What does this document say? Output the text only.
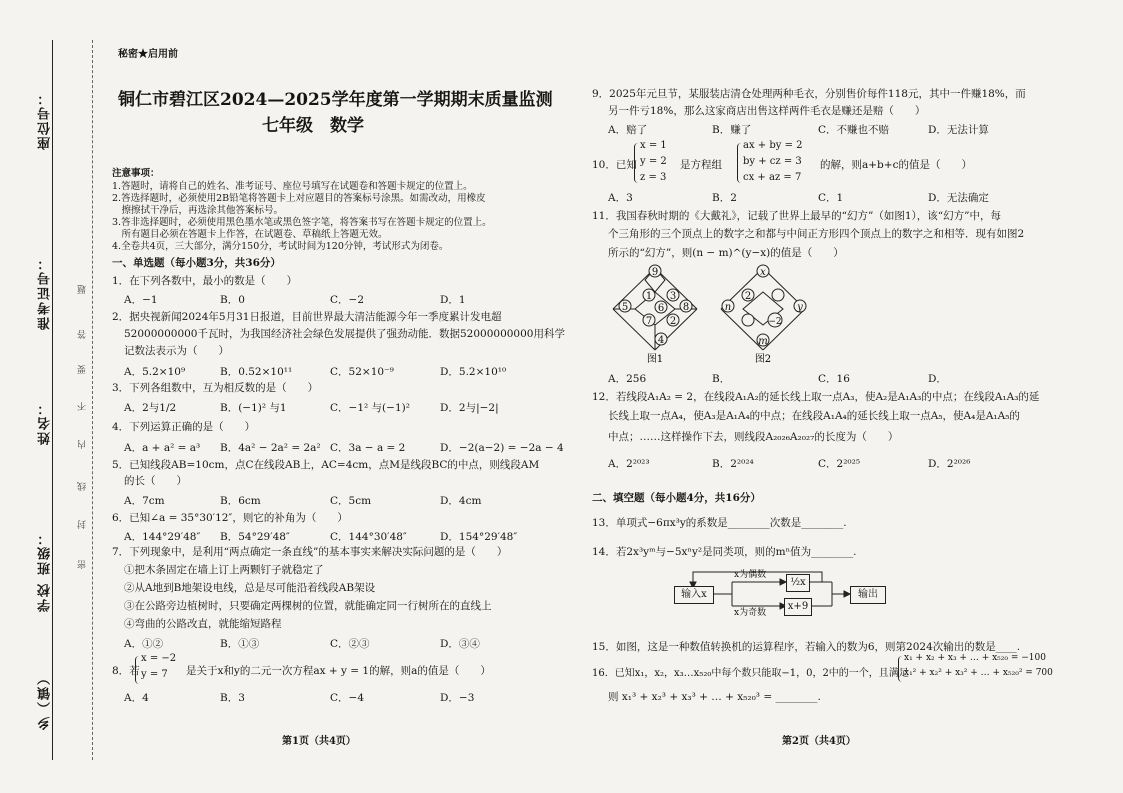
座位号：
准考证号：
姓名：
班级：
学校
乡（镇）
题
答
要
不
内
线
封
密
秘密★启用前
铜仁市碧江区2024—2025学年度第一学期期末质量监测
七年级　数学
注意事项：
1.答题时，请将自己的姓名、准考证号、座位号填写在试题卷和答题卡规定的位置上。
2.答选择题时，必须使用2B铅笔将答题卡上对应题目的答案标号涂黑。如需改动，用橡皮
　擦擦拭干净后，再选涂其他答案标号。
3.答非选择题时，必须使用黑色墨水笔或黑色签字笔，将答案书写在答题卡规定的位置上。
　所有题目必须在答题卡上作答，在试题卷、草稿纸上答题无效。
4.全卷共4页，三大部分，满分150分，考试时间为120分钟，考试形式为闭卷。
一、单选题（每小题3分，共36分）
1．在下列各数中，最小的数是（　　）
A．−1	B．0	C．−2	D．1
2．据央视新闻2024年5月31日报道，目前世界最大清洁能源今年一季度累计发电超
52000000000千瓦时，为我国经济社会绿色发展提供了强劲动能．数据52000000000用科学
记数法表示为（　　）
A．5.2×10⁹	B．0.52×10¹¹	C．52×10⁻⁹	D．5.2×10¹⁰
3．下列各组数中，互为相反数的是（　　）
A．2与1/2	B．(−1)² 与1	C．−1² 与(−1)²	D．2与|−2|
4．下列运算正确的是（　　）
A．a + a² = a³ B．4a² − 2a² = 2a² C．3a − a = 2	D．−2(a−2) = −2a − 4
5．已知线段AB=10cm，点C在线段AB上，AC=4cm，点M是线段BC的中点，则线段AM
的长（　　）
A．7cm	B．6cm	C．5cm	D．4cm
6．已知∠a = 35°30′12″，则它的补角为（　　）
A．144°29′48″ B．54°29′48″	C．144°30′48″	D．154°29′48″
7．下列现象中，是利用“两点确定一条直线”的基本事实来解决实际问题的是（　　）
①把木条固定在墙上订上两颗钉子就稳定了
②从A地到B地架设电线，总是尽可能沿着线段AB架设
③在公路旁边植树时，只要确定两棵树的位置，就能确定同一行树所在的直线上
④弯曲的公路改直，就能缩短路程
A．①②	B．①③	C．②③	D．③④
8．若
x = −2
y = 7 是关于x和y的二元一次方程ax + y = 1的解，则a的值是（　　）
A．4	B．3	C．−4	D．−3
第1页（共4页）
9．2025年元旦节，某服装店清仓处理两种毛衣，分别售价每件118元，其中一件赚18%，而
另一件亏18%，那么这家商店出售这样两件毛衣是赚还是赔（　　）
A．赔了	B．赚了	C．不赚也不赔	D．无法计算
10．已知
x = 1
y = 2
z = 3
是方程组
ax + by = 2
by + cz = 3
cx + az = 7
的解，则a+b+c的值是（　　）
A．3	B．2	C．1	D．无法确定
11．我国春秋时期的《大戴礼》，记载了世界上最早的“幻方”（如图1），该“幻方”中，每
个三角形的三个顶点上的数字之和都与中间正方形四个顶点上的数字之和相等．现有如图2
所示的“幻方”，则(n − m)^(y−x)的值是（　　）
9
1
5
3
8
7 2
6
4
图1
x
2
n	y
−2
m
图2
A．256	B．	C．16	D．
12．若线段A₁A₂ = 2，在线段A₁A₂的延长线上取一点A₃，使A₂是A₁A₃的中点；在线段A₁A₃的延
长线上取一点A₄，使A₃是A₁A₄的中点；在线段A₁A₄的延长线上取一点A₅，使A₄是A₁A₅的
中点；……这样操作下去，则线段A₂₀₂₆A₂₀₂₇的长度为（　　）
A．2²⁰²³	B．2²⁰²⁴	C．2²⁰²⁵	D．2²⁰²⁶
二、填空题（每小题4分，共16分）
13．单项式−6πx³y的系数是________次数是________.
14．若2x³yᵐ与−5xⁿy²是同类项，则的mⁿ值为________.
输入x
x为偶数
x为奇数
½x
x+9
输出
15．如图，这是一种数值转换机的运算程序，若输入的数为6，则第2024次输出的数是____.
16．已知x₁，x₂，x₃…x₅₂₀中每个数只能取−1，0，2中的一个，且满足
x₁ + x₂ + x₃ + … + x₅₂₀ = −100
x₁² + x₂² + x₃² + … + x₅₂₀² = 700
则 x₁³ + x₂³ + x₃³ + … + x₅₂₀³ = ________.
第2页（共4页）
